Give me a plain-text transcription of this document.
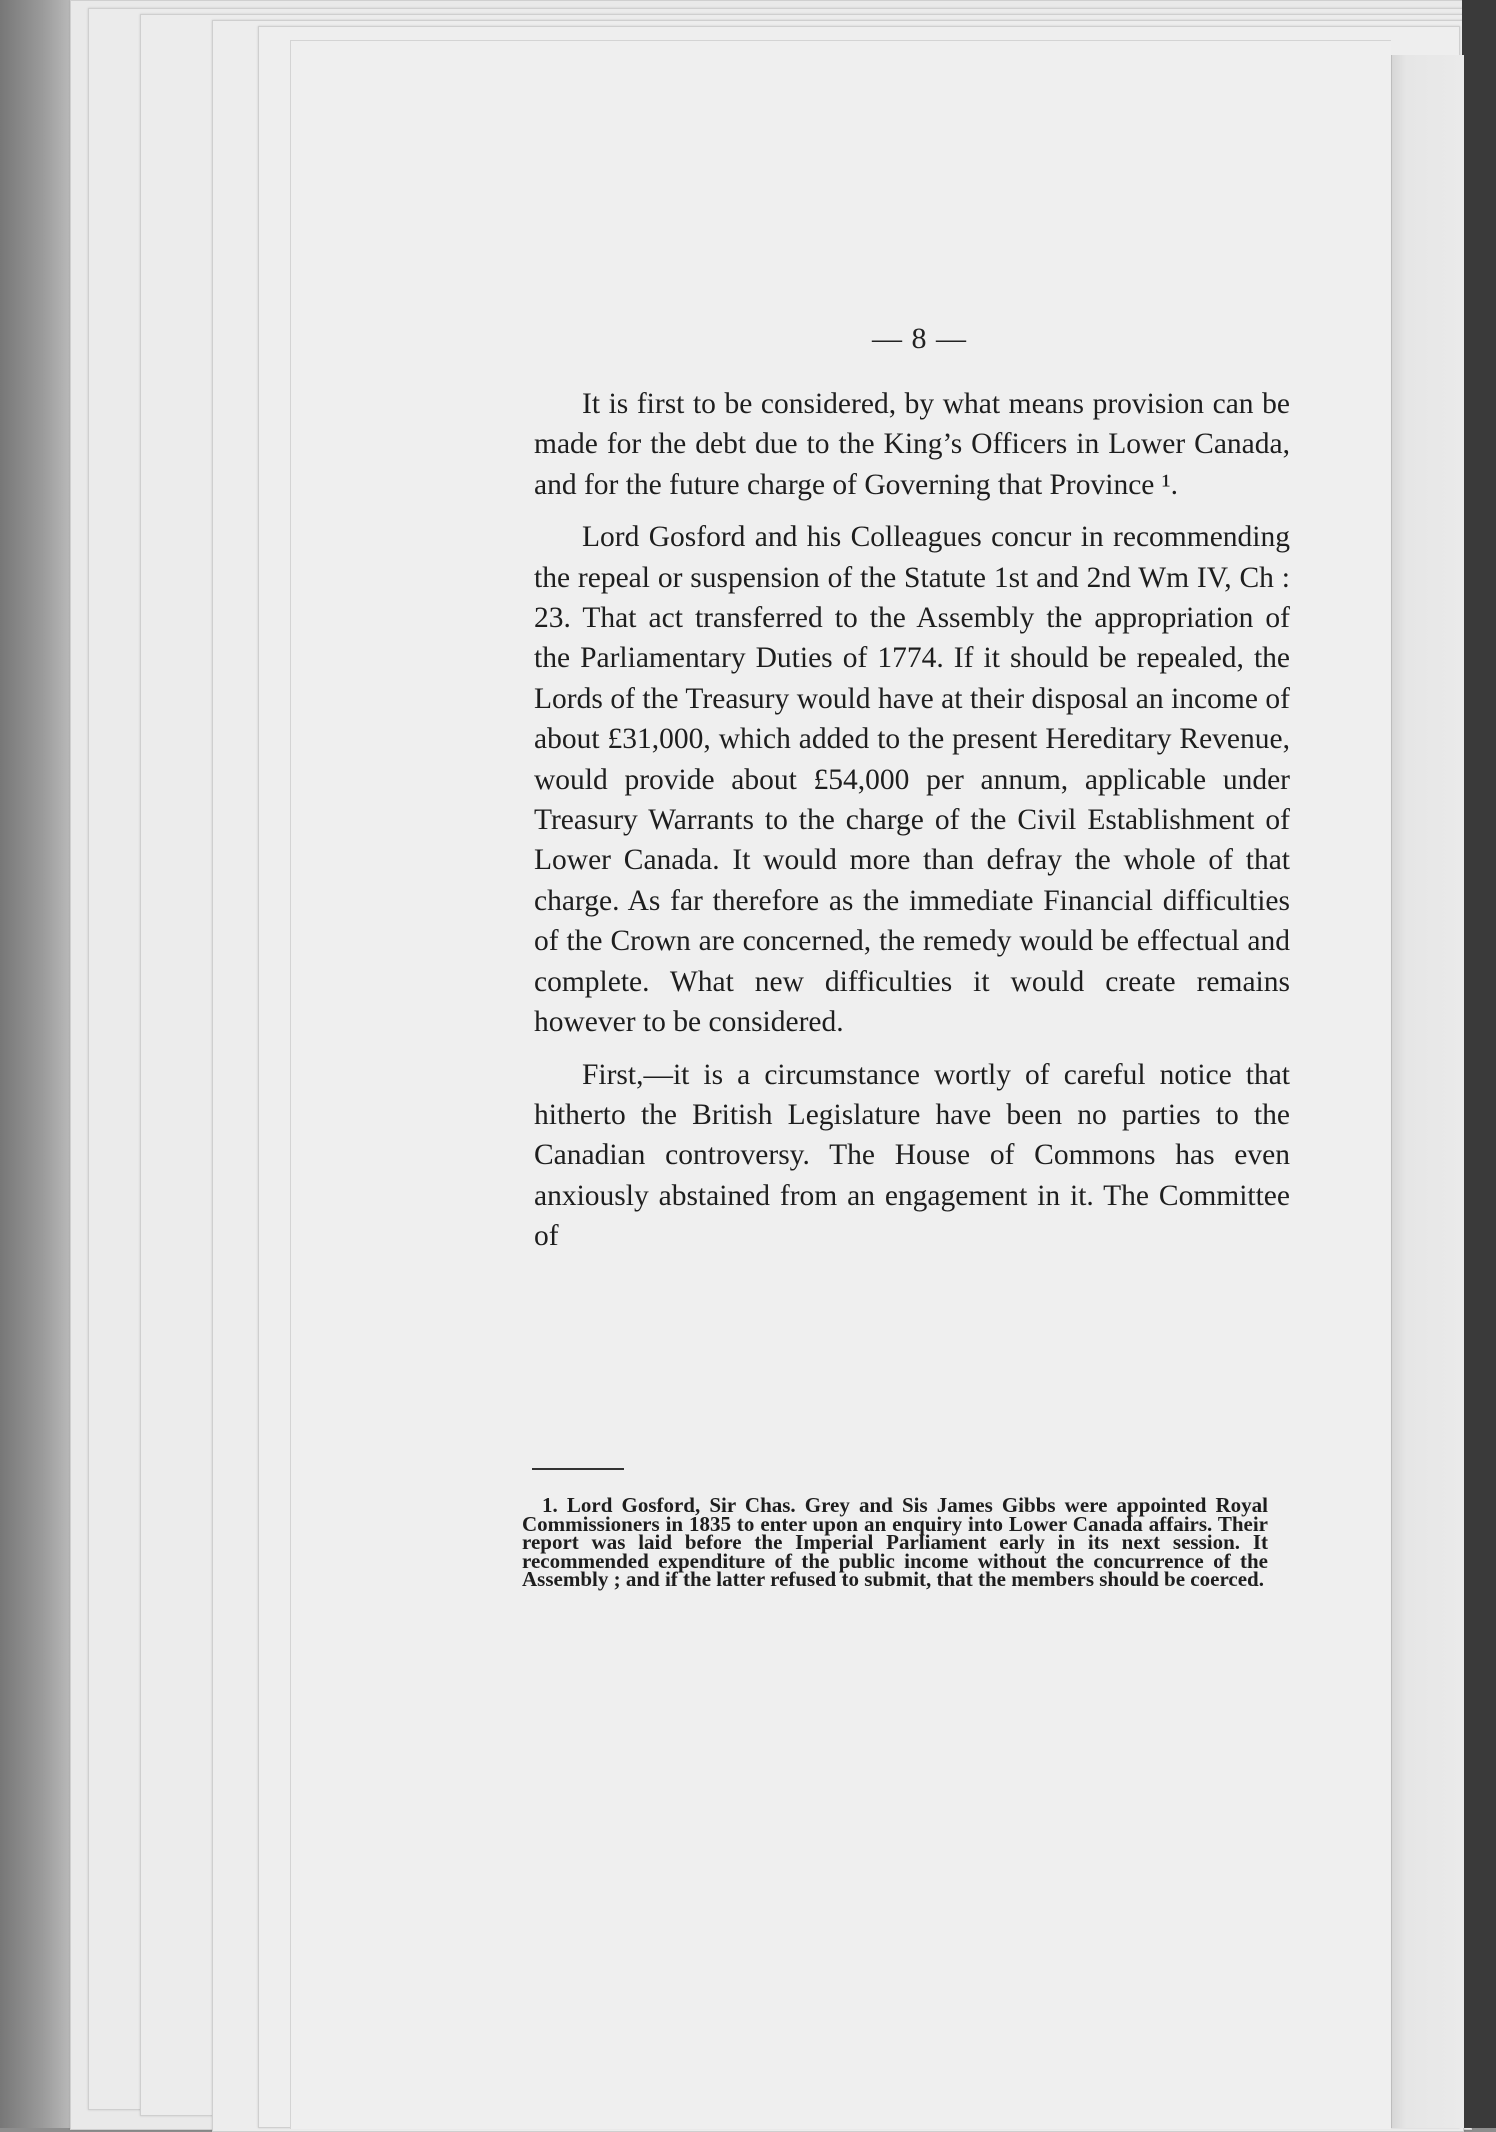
— 8 —

It is first to be considered, by what means provision can be made for the debt due to the King’s Officers in Lower Canada, and for the future charge of Governing that Province ¹.

Lord Gosford and his Colleagues concur in recommending the repeal or suspension of the Statute 1st and 2nd Wm IV, Ch : 23. That act transferred to the Assembly the appropriation of the Parliamentary Duties of 1774. If it should be repealed, the Lords of the Treasury would have at their disposal an income of about £31,000, which added to the present Hereditary Revenue, would provide about £54,000 per annum, applicable under Treasury Warrants to the charge of the Civil Establishment of Lower Canada. It would more than defray the whole of that charge. As far therefore as the immediate Financial difficulties of the Crown are concerned, the remedy would be effectual and complete. What new difficulties it would create remains however to be considered.

First,—it is a circumstance wortly of careful notice that hitherto the British Legislature have been no parties to the Canadian controversy. The House of Commons has even anxiously abstained from an engagement in it. The Committee of

1. Lord Gosford, Sir Chas. Grey and Sis James Gibbs were appointed Royal Commissioners in 1835 to enter upon an enquiry into Lower Canada affairs. Their report was laid before the Imperial Parliament early in its next session. It recommended expenditure of the public income without the concurrence of the Assembly ; and if the latter refused to submit, that the members should be coerced.
